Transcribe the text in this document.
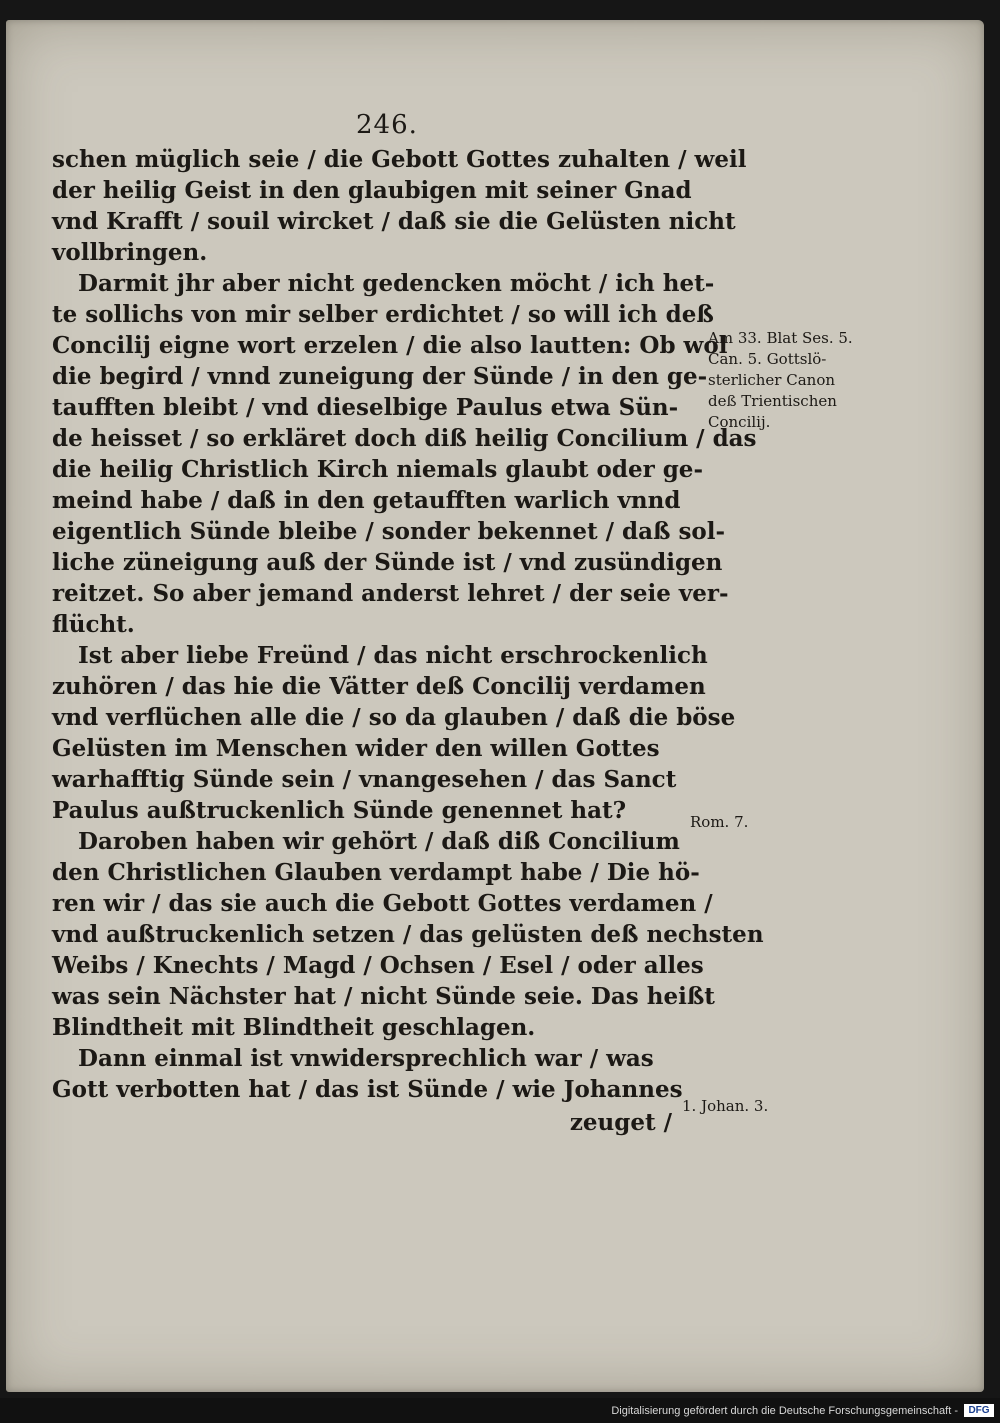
246.
schen müglich seie / die Gebott Gottes zuhalten / weil
der heilig Geist in den glaubigen mit seiner Gnad
vnd Krafft / souil wircket / daß sie die Gelüsten nicht
vollbringen.
Darmit jhr aber nicht gedencken möcht / ich het-
te sollichs von mir selber erdichtet / so will ich deß
Concilij eigne wort erzelen / die also lautten: Ob wol
die begird / vnnd zuneigung der Sünde / in den ge-
taufften bleibt / vnd dieselbige Paulus etwa Sün-
de heisset / so erkläret doch diß heilig Concilium / das
die heilig Christlich Kirch niemals glaubt oder ge-
meind habe / daß in den getaufften warlich vnnd
eigentlich Sünde bleibe / sonder bekennet / daß sol-
liche züneigung auß der Sünde ist / vnd zusündigen
reitzet. So aber jemand anderst lehret / der seie ver-
flücht.
Ist aber liebe Freünd / das nicht erschrockenlich
zuhören / das hie die Vätter deß Concilij verdamen
vnd verflüchen alle die / so da glauben / daß die böse
Gelüsten im Menschen wider den willen Gottes
warhafftig Sünde sein / vnangesehen / das Sanct
Paulus außtruckenlich Sünde genennet hat?
Daroben haben wir gehört / daß diß Concilium
den Christlichen Glauben verdampt habe / Die hö-
ren wir / das sie auch die Gebott Gottes verdamen /
vnd außtruckenlich setzen / das gelüsten deß nechsten
Weibs / Knechts / Magd / Ochsen / Esel / oder alles
was sein Nächster hat / nicht Sünde seie. Das heißt
Blindtheit mit Blindtheit geschlagen.
Dann einmal ist vnwidersprechlich war / was
Gott verbotten hat / das ist Sünde / wie Johannes
zeuget /
Am 33. Blat Ses. 5.
Can. 5. Gottslö-
sterlicher Canon
deß Trientischen
Concilij.
Rom. 7.
1. Johan. 3.
Digitalisierung gefördert durch die Deutsche Forschungsgemeinschaft -	DFG
